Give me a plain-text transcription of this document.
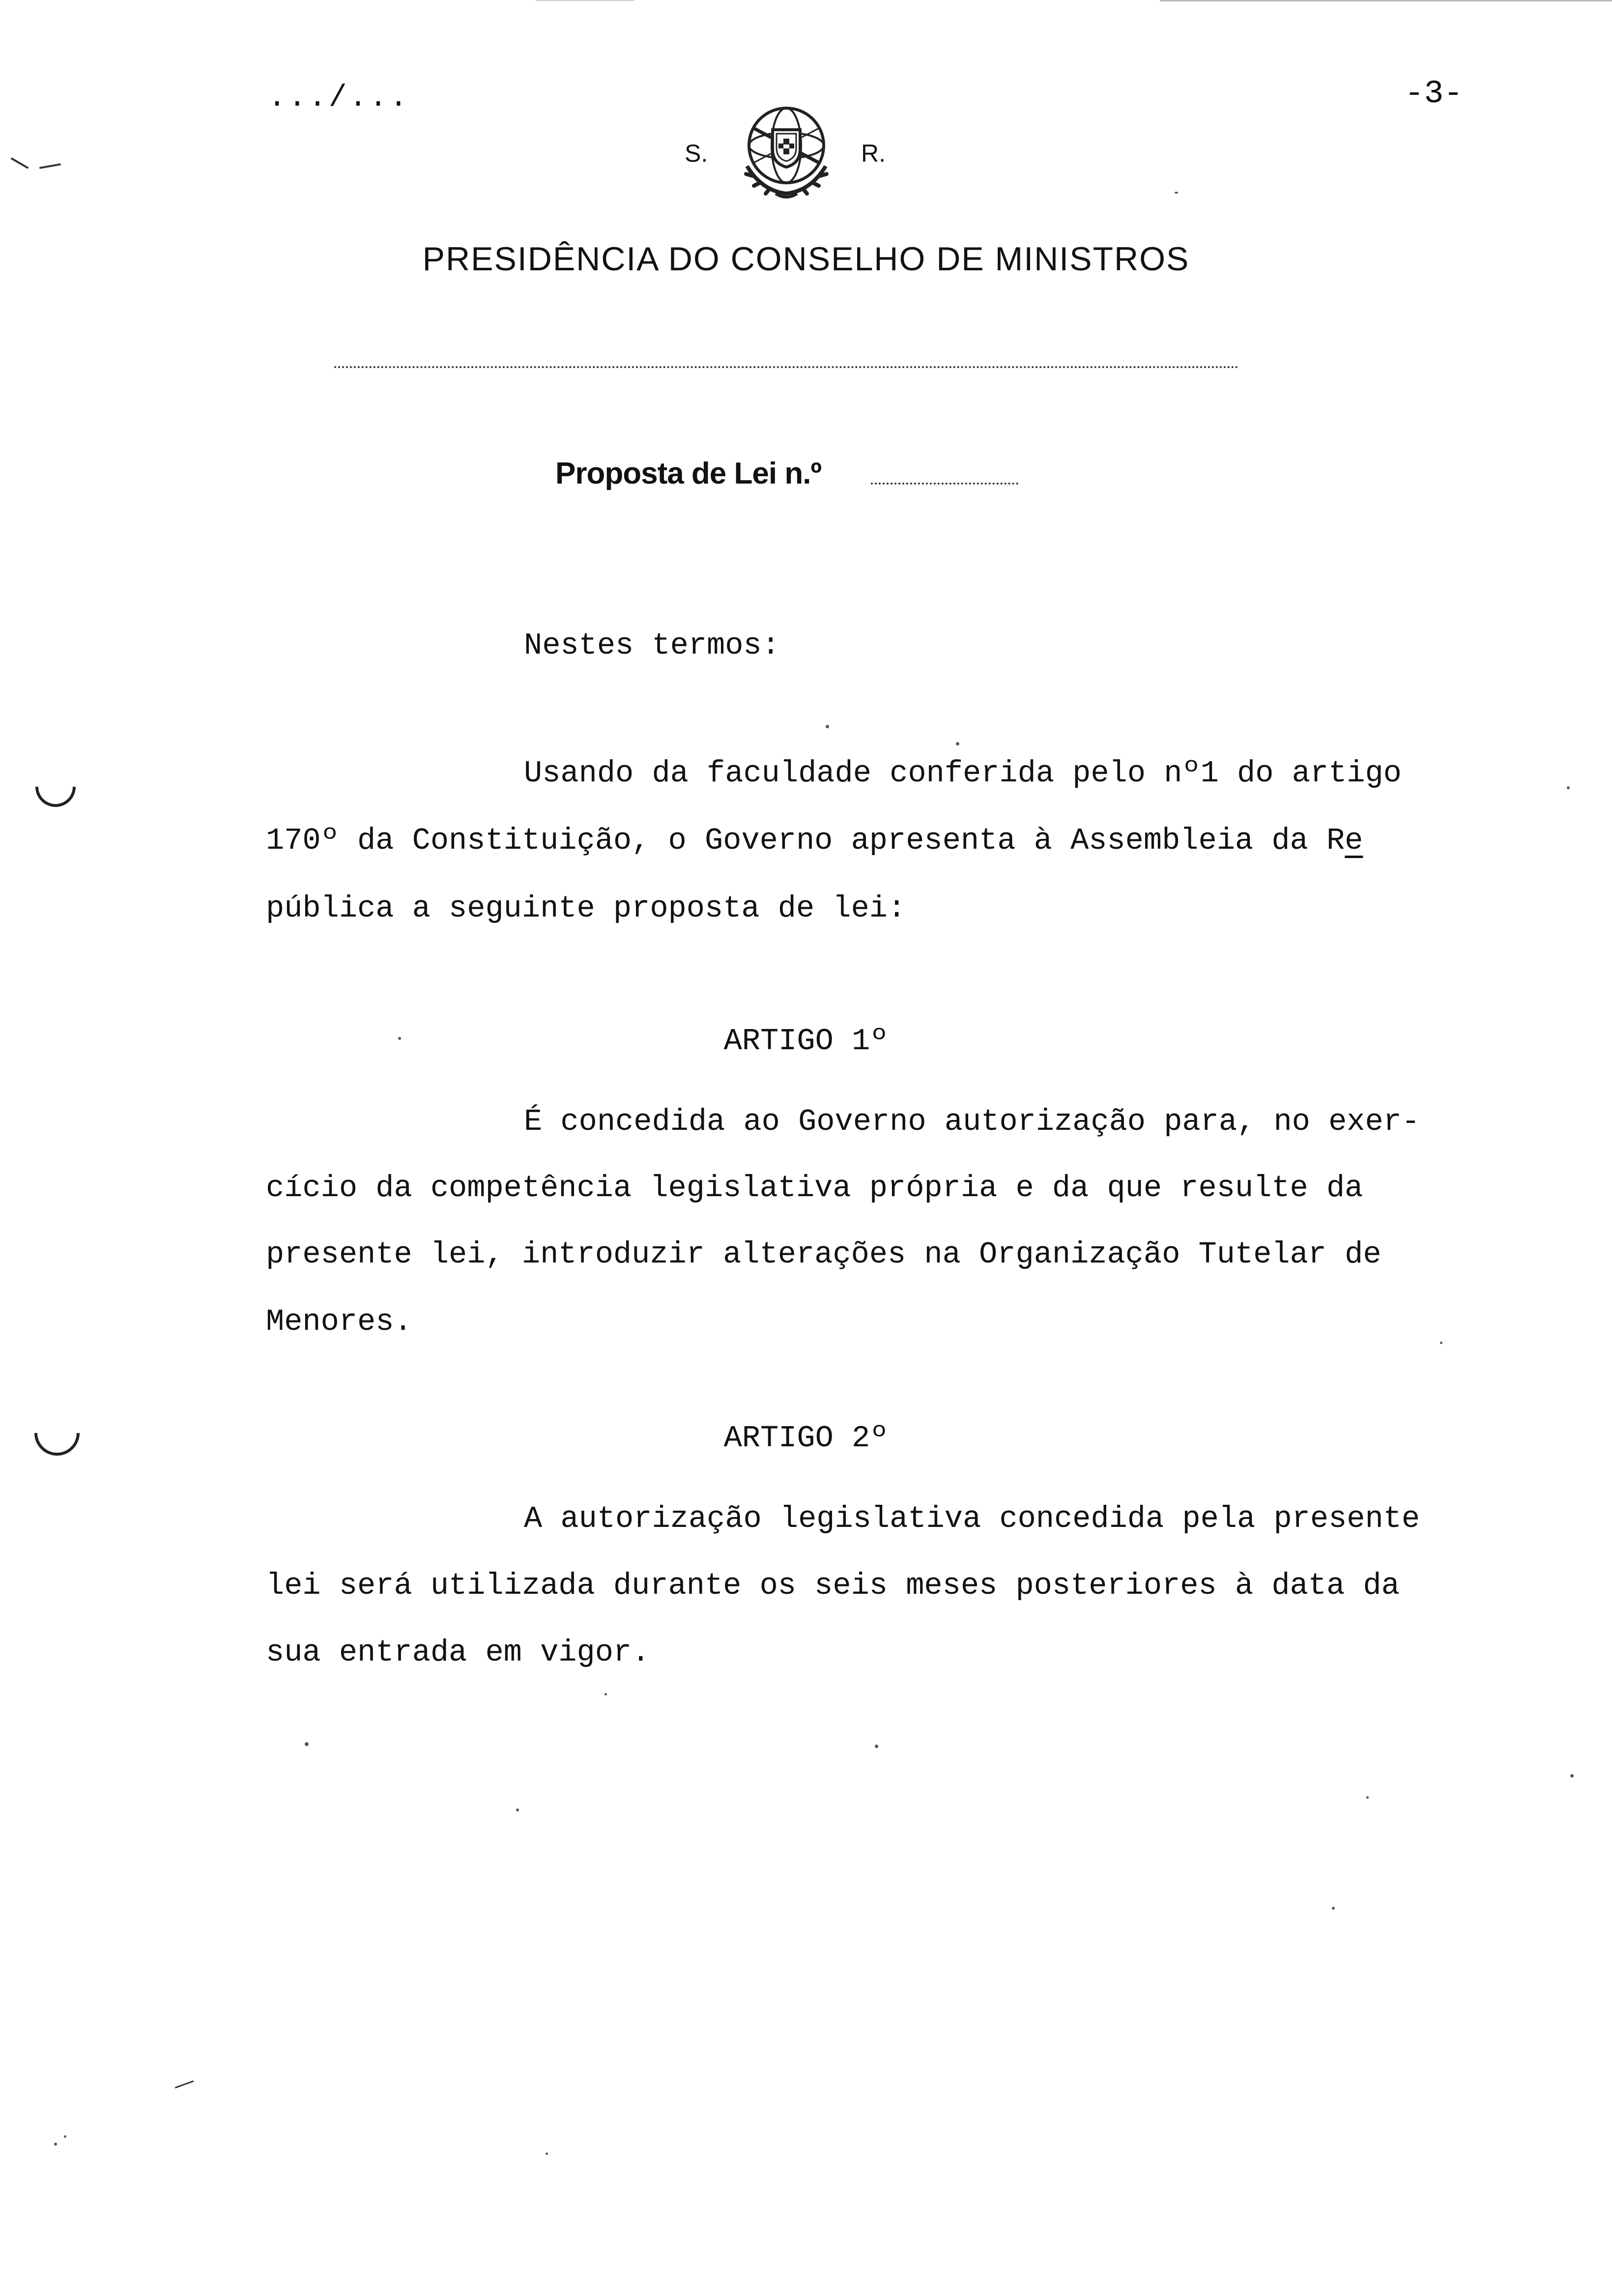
.../...	-3-
S.	R.
PRESIDÊNCIA DO CONSELHO DE MINISTROS
Proposta de Lei n.º
Nestes termos:
Usando da faculdade conferida pelo nº1 do artigo
170º da Constituição, o Governo apresenta à Assembleia da Re
pública a seguinte proposta de lei:
ARTIGO 1º
É concedida ao Governo autorização para, no exer-
cício da competência legislativa própria e da que resulte da
presente lei, introduzir alterações na Organização Tutelar de
Menores.
ARTIGO 2º
A autorização legislativa concedida pela presente
lei será utilizada durante os seis meses posteriores à data da
sua entrada em vigor.
